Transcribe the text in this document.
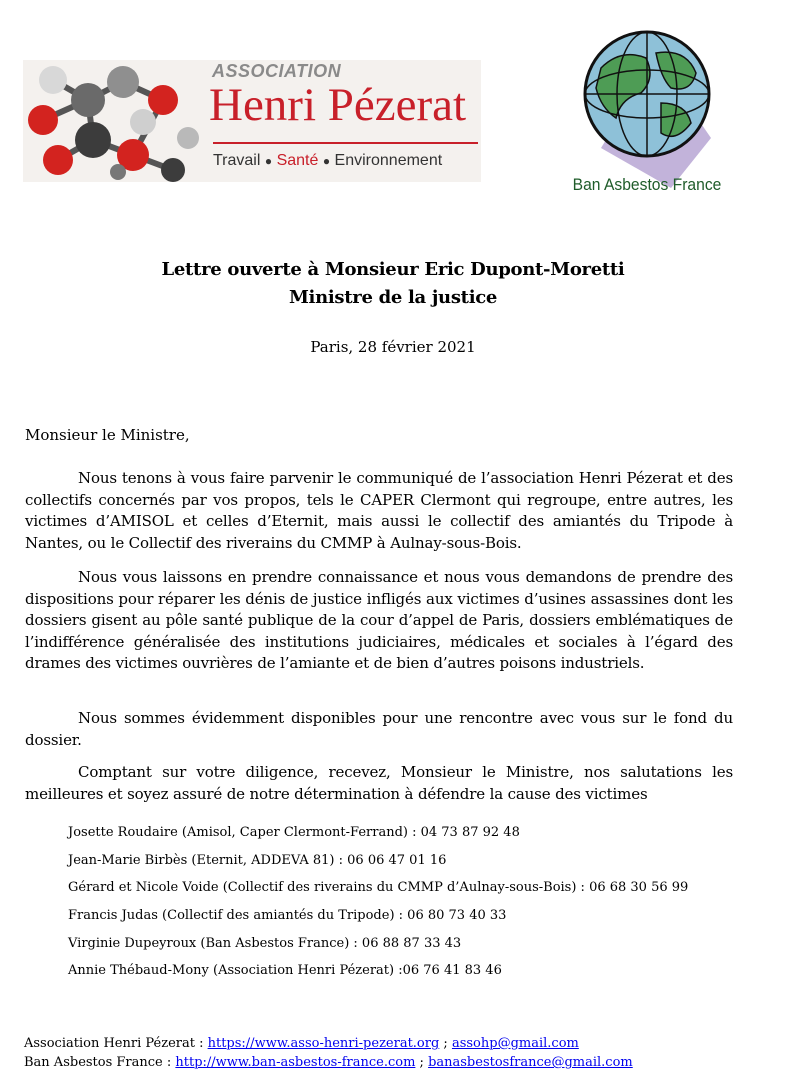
ASSOCIATION
Henri Pézerat
Travail ● Santé ● Environnement
Ban Asbestos France
Lettre ouverte à Monsieur Eric Dupont-Moretti
Ministre de la justice
Paris, 28 février 2021
Monsieur le Ministre,

Nous tenons à vous faire parvenir le communiqué de l’association Henri Pézerat et des collectifs concernés par vos propos, tels le CAPER Clermont qui regroupe, entre autres, les victimes d’AMISOL et celles d’Eternit, mais aussi le collectif des amiantés du Tripode à Nantes, ou le Collectif des riverains du CMMP à Aulnay-sous-Bois.

Nous vous laissons en prendre connaissance et nous vous demandons de prendre des dispositions pour réparer les dénis de justice infligés aux victimes d’usines assassines dont les dossiers gisent au pôle santé publique de la cour d’appel de Paris, dossiers emblématiques de l’indifférence généralisée des institutions judiciaires, médicales et sociales à l’égard des drames des victimes ouvrières de l’amiante et de bien d’autres poisons industriels.

Nous sommes évidemment disponibles pour une rencontre avec vous sur le fond du dossier.

Comptant sur votre diligence, recevez, Monsieur le Ministre, nos salutations les meilleures et soyez assuré de notre détermination à défendre la cause des victimes

Josette Roudaire (Amisol, Caper Clermont-Ferrand) : 04 73 87 92 48
Jean-Marie Birbès (Eternit, ADDEVA 81) : 06 06 47 01 16
Gérard et Nicole Voide (Collectif des riverains du CMMP d’Aulnay-sous-Bois) : 06 68 30 56 99
Francis Judas (Collectif des amiantés du Tripode) : 06 80 73 40 33
Virginie Dupeyroux (Ban Asbestos France) : 06 88 87 33 43
Annie Thébaud-Mony (Association Henri Pézerat) :06 76 41 83 46
Association Henri Pézerat : https://www.asso-henri-pezerat.org ; assohp@gmail.com
Ban Asbestos France : http://www.ban-asbestos-france.com ; banasbestosfrance@gmail.com
